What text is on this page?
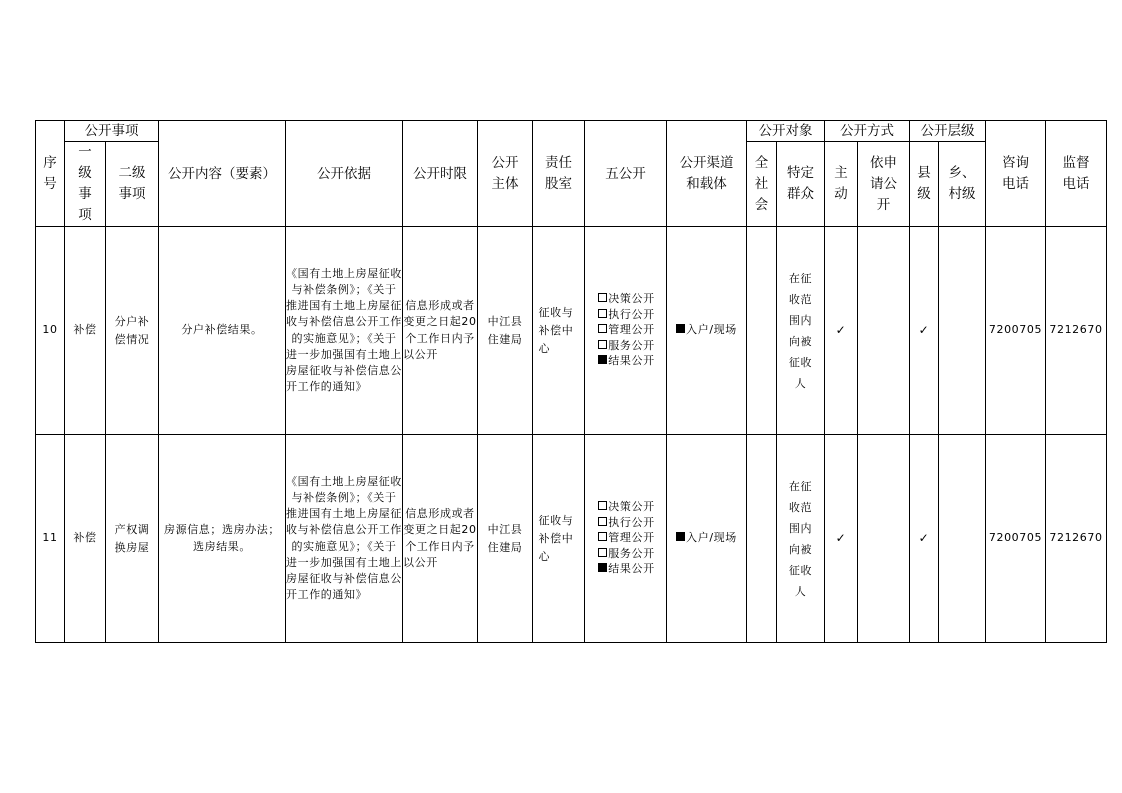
序号	公开事项		公开内容（要素）	公开依据	公开时限	公开主体	责任股室	五公开	公开渠道和载体	公开对象		公开方式		公开层级		咨询电话	监督电话
	一级事项	二级事项								全社会	特定群众	主动	依申请公开	县级	乡、村级		
10	补偿	分户补偿情况	分户补偿结果。	《国有土地上房屋征收与补偿条例》；《关于推进国有土地上房屋征收与补偿信息公开工作的实施意见》；《关于进一步加强国有土地上房屋征收与补偿信息公开工作的通知》	信息形成或者变更之日起20个工作日内予以公开	中江县住建局	征收与补偿中心	决策公开
执行公开
管理公开
服务公开
结果公开	入户/现场		在征收范围内向被征收人	✓		✓		7200705	7212670
11	补偿	产权调换房屋	房源信息；选房办法；选房结果。	《国有土地上房屋征收与补偿条例》；《关于推进国有土地上房屋征收与补偿信息公开工作的实施意见》；《关于进一步加强国有土地上房屋征收与补偿信息公开工作的通知》	信息形成或者变更之日起20个工作日内予以公开	中江县住建局	征收与补偿中心	决策公开
执行公开
管理公开
服务公开
结果公开	入户/现场		在征收范围内向被征收人	✓		✓		7200705	7212670
